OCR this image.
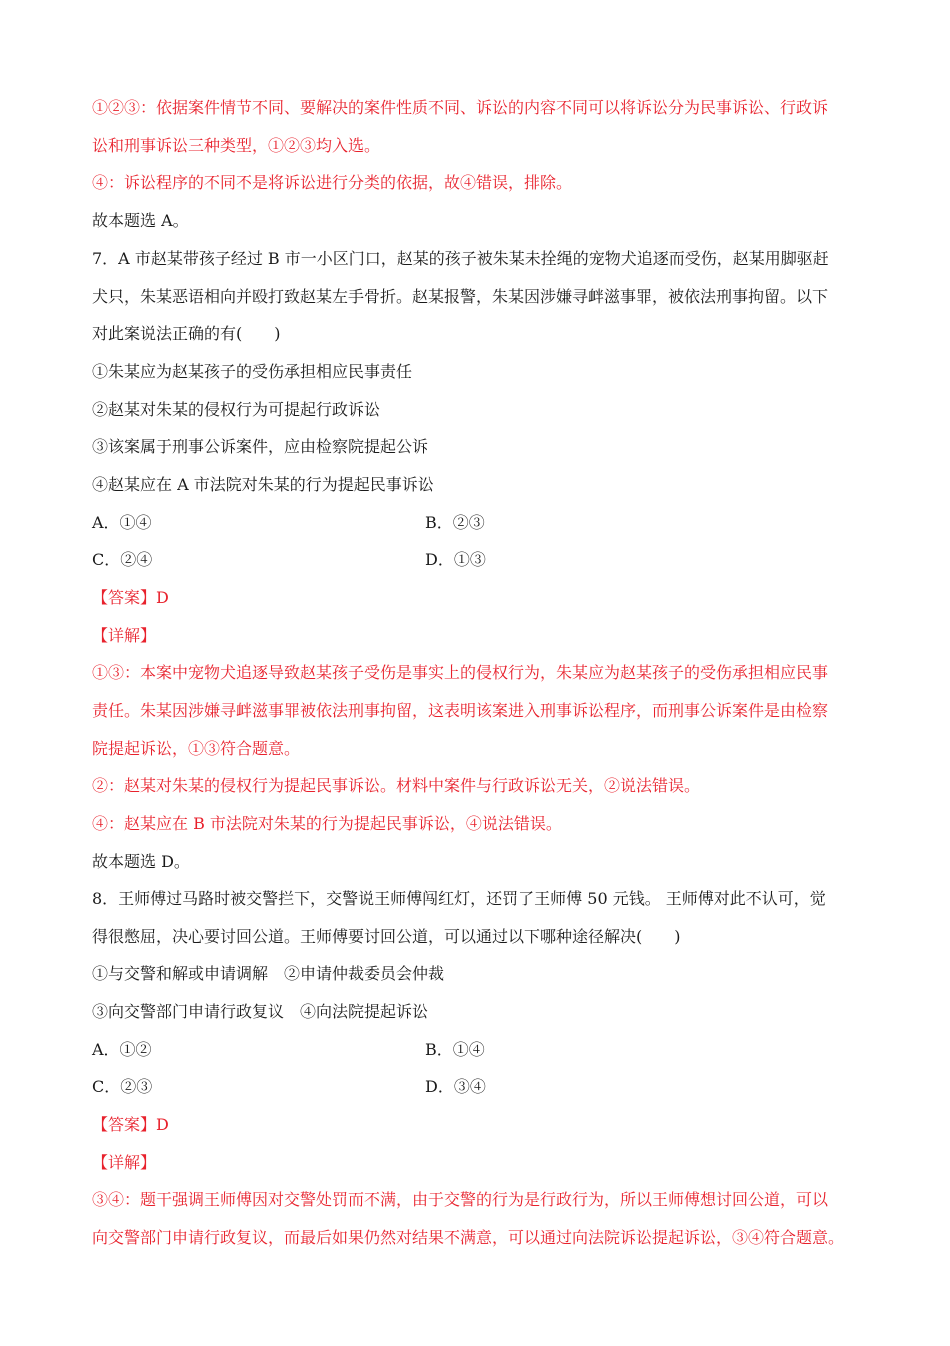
①②③：依据案件情节不同、要解决的案件性质不同、诉讼的内容不同可以将诉讼分为民事诉讼、行政诉
讼和刑事诉讼三种类型，①②③均入选。
④：诉讼程序的不同不是将诉讼进行分类的依据，故④错误，排除。
故本题选 A。
7．A 市赵某带孩子经过 B 市一小区门口，赵某的孩子被朱某未拴绳的宠物犬追逐而受伤，赵某用脚驱赶
犬只，朱某恶语相向并殴打致赵某左手骨折。赵某报警，朱某因涉嫌寻衅滋事罪，被依法刑事拘留。以下
对此案说法正确的有(　　)
①朱某应为赵某孩子的受伤承担相应民事责任
②赵某对朱某的侵权行为可提起行政诉讼
③该案属于刑事公诉案件，应由检察院提起公诉
④赵某应在 A 市法院对朱某的行为提起民事诉讼
A．①④	B．②③
C．②④	D．①③
【答案】D
【详解】
①③：本案中宠物犬追逐导致赵某孩子受伤是事实上的侵权行为，朱某应为赵某孩子的受伤承担相应民事
责任。朱某因涉嫌寻衅滋事罪被依法刑事拘留，这表明该案进入刑事诉讼程序，而刑事公诉案件是由检察
院提起诉讼，①③符合题意。
②：赵某对朱某的侵权行为提起民事诉讼。材料中案件与行政诉讼无关，②说法错误。
④：赵某应在 B 市法院对朱某的行为提起民事诉讼，④说法错误。
故本题选 D。
8．王师傅过马路时被交警拦下，交警说王师傅闯红灯，还罚了王师傅 50 元钱。 王师傅对此不认可，觉
得很憋屈，决心要讨回公道。王师傅要讨回公道，可以通过以下哪种途径解决(　　)
①与交警和解或申请调解　②申请仲裁委员会仲裁
③向交警部门申请行政复议　④向法院提起诉讼
A．①②	B．①④
C．②③	D．③④
【答案】D
【详解】
③④：题干强调王师傅因对交警处罚而不满，由于交警的行为是行政行为，所以王师傅想讨回公道，可以
向交警部门申请行政复议，而最后如果仍然对结果不满意，可以通过向法院诉讼提起诉讼，③④符合题意。
